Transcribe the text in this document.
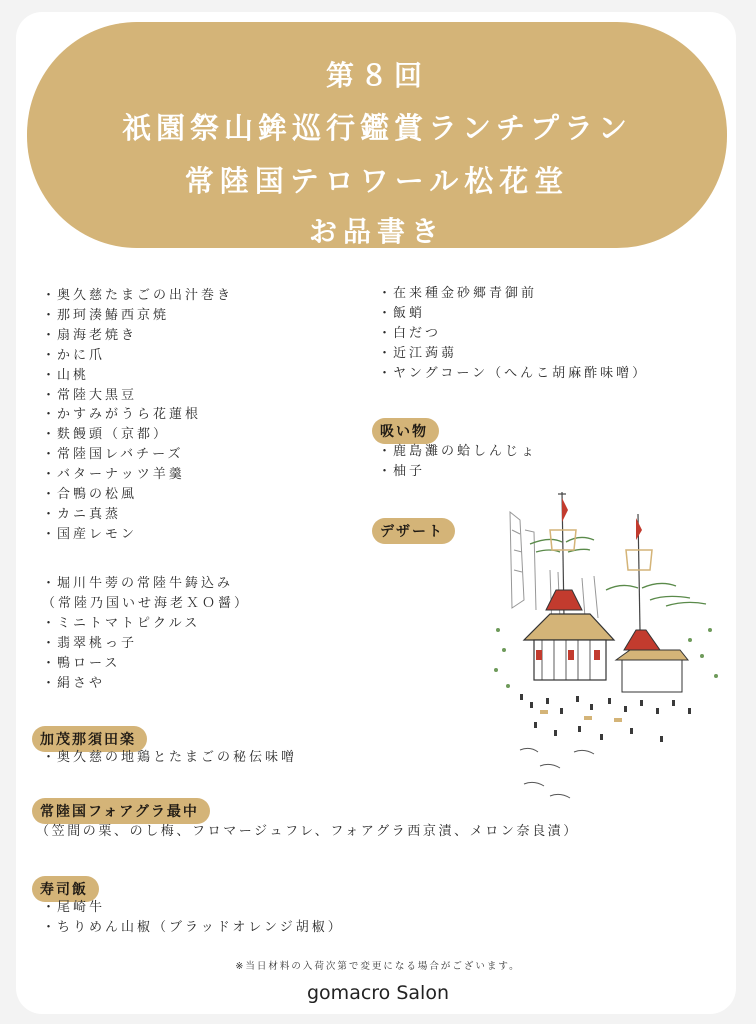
第８回
祇園祭山鉾巡行鑑賞ランチプラン
常陸国テロワール松花堂
お品書き
・ 奥久慈たまごの出汁巻き
・ 那珂湊鰆西京焼
・ 扇海老焼き
・ かに爪
・ 山桃
・ 常陸大黒豆
・ かすみがうら花蓮根
・ 麩饅頭（京都）
・ 常陸国レバチーズ
・ バターナッツ羊羹
・ 合鴨の松風
・ カニ真蒸
・ 国産レモン
・ 堀川牛蒡の常陸牛鋳込み
（常陸乃国いせ海老ＸＯ醤）
・ ミニトマトピクルス
・ 翡翠桃っ子
・ 鴨ロース
・ 絹さや
・ 在来種金砂郷青御前
・ 飯蛸
・ 白だつ
・ 近江蒟蒻
・ ヤングコーン（へんこ胡麻酢味噌）
吸い物
・ 鹿島灘の蛤しんじょ
・ 柚子
デザート
加茂那須田楽
・ 奥久慈の地鶏とたまごの秘伝味噌
常陸国フォアグラ最中
（笠間の栗、のし梅、フロマージュフレ、フォアグラ西京漬、メロン奈良漬）
寿司飯
・ 尾崎牛
・ ちりめん山椒（ブラッドオレンジ胡椒）
※当日材料の入荷次第で変更になる場合がございます。
gomacro Salon
